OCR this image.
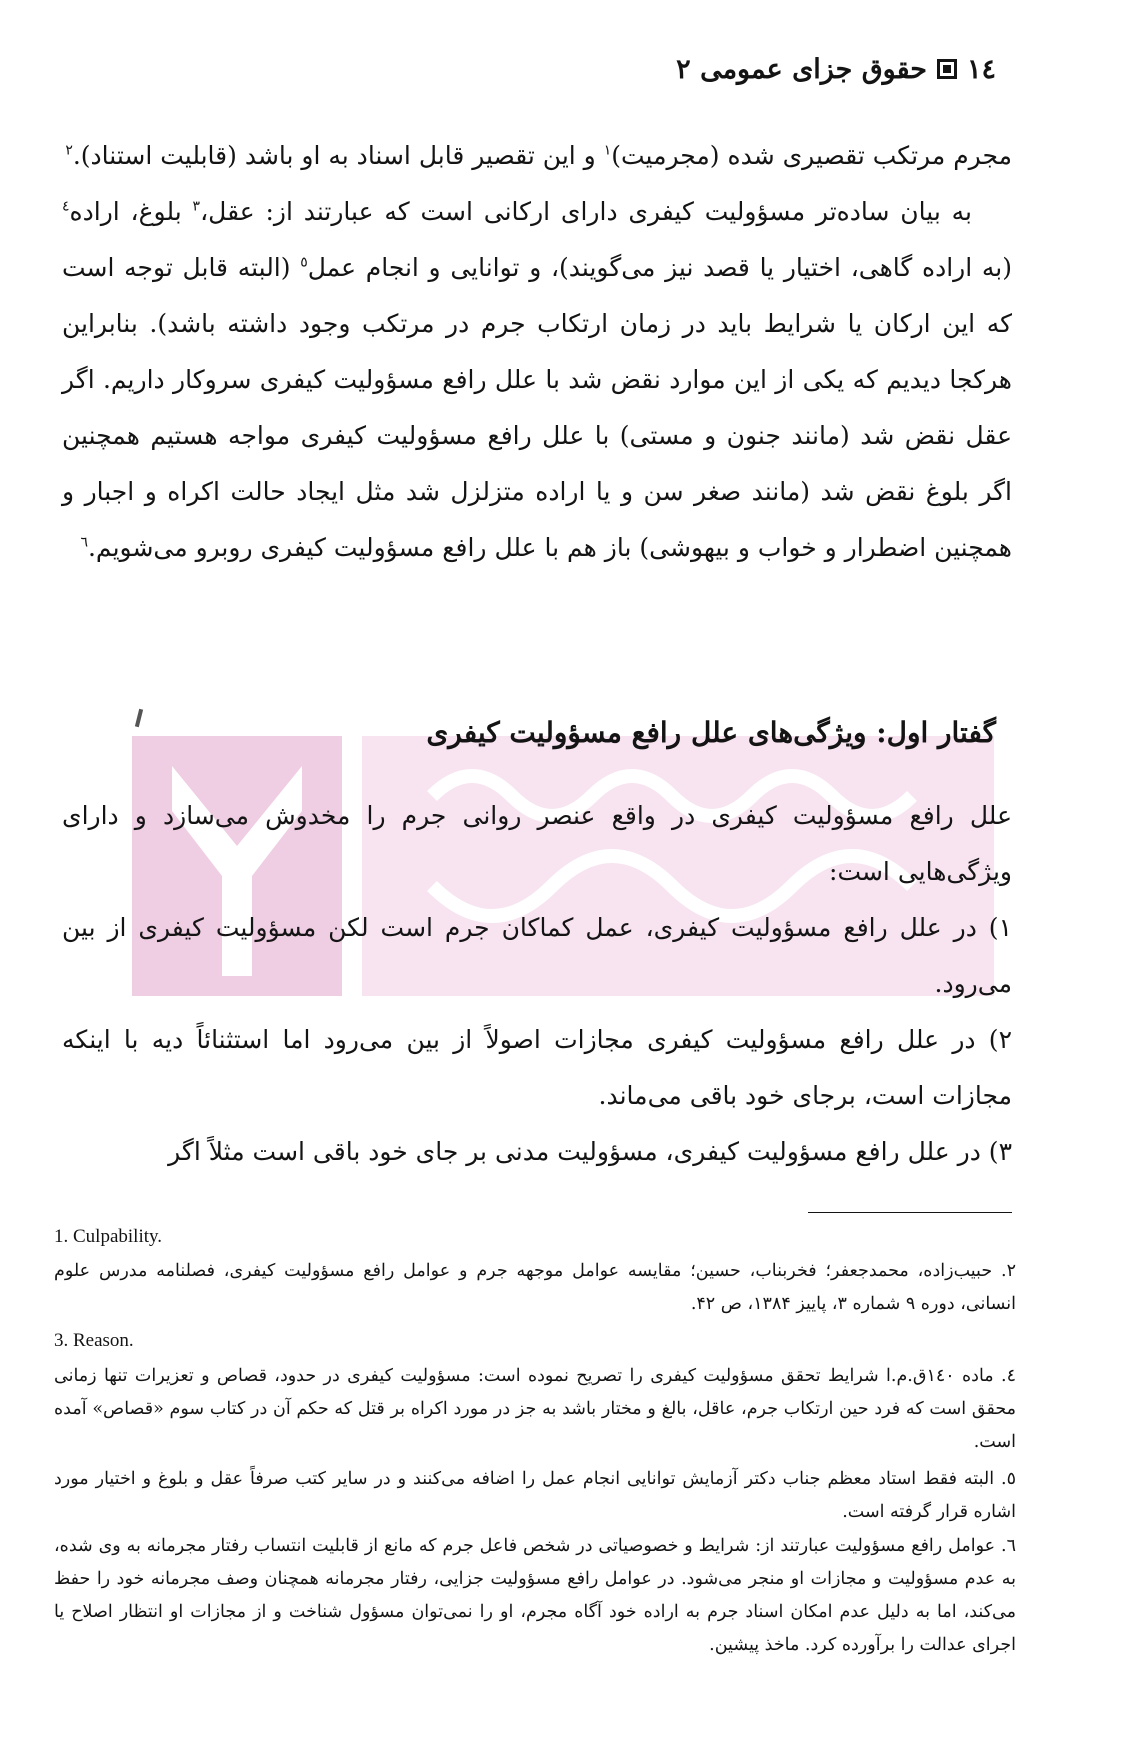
١٤حقوق جزای عمومی ۲

مجرم مرتکب تقصیری شده (مجرمیت)$^١$ و این تقصیر قابل اسناد به او باشد (قابلیت استناد).$^٢$

به بیان ساده‌تر مسؤولیت کیفری دارای ارکانی است که عبارتند از: عقل،$^٣$ بلوغ، اراده$^٤$ (به اراده گاهی، اختیار یا قصد نیز می‌گویند)، و توانایی و انجام عمل$^٥$ (البته قابل توجه است که این ارکان یا شرایط باید در زمان ارتکاب جرم در مرتکب وجود داشته باشد). بنابراین هرکجا دیدیم که یکی از این موارد نقض شد با علل رافع مسؤولیت کیفری سروکار داریم. اگر عقل نقض شد (مانند جنون و مستی) با علل رافع مسؤولیت کیفری مواجه هستیم همچنین اگر بلوغ نقض شد (مانند صغر سن و یا اراده متزلزل شد مثل ایجاد حالت اکراه و اجبار و همچنین اضطرار و خواب و بیهوشی) باز هم با علل رافع مسؤولیت کیفری روبرو می‌شویم.$^٦$

گفتار اول: ویژگی‌های علل رافع مسؤولیت کیفری

علل رافع مسؤولیت کیفری در واقع عنصر روانی جرم را مخدوش می‌سازد و دارای ویژگی‌هایی است:

۱) در علل رافع مسؤولیت کیفری، عمل کماکان جرم است لکن مسؤولیت کیفری از بین می‌رود.

۲) در علل رافع مسؤولیت کیفری مجازات اصولاً از بین می‌رود اما استثنائاً دیه با اینکه مجازات است، برجای خود باقی می‌ماند.

۳) در علل رافع مسؤولیت کیفری، مسؤولیت مدنی بر جای خود باقی است مثلاً اگر

1. Culpability.
۲. حبیب‌زاده، محمدجعفر؛ فخربناب، حسین؛ مقایسه عوامل موجهه جرم و عوامل رافع مسؤولیت کیفری، فصلنامه مدرس علوم انسانی، دوره ۹ شماره ۳، پاییز ۱۳۸۴، ص ۴۲.
3. Reason.
٤. ماده ١٤٠ق.م.ا شرایط تحقق مسؤولیت کیفری را تصریح نموده است: مسؤولیت کیفری در حدود، قصاص و تعزیرات تنها زمانی محقق است که فرد حین ارتکاب جرم، عاقل، بالغ و مختار باشد به جز در مورد اکراه بر قتل که حکم آن در کتاب سوم «قصاص» آمده است.
٥. البته فقط استاد معظم جناب دکتر آزمایش توانایی انجام عمل را اضافه می‌کنند و در سایر کتب صرفاً عقل و بلوغ و اختیار مورد اشاره قرار گرفته است.
٦. عوامل رافع مسؤولیت عبارتند از: شرایط و خصوصیاتی در شخص فاعل جرم که مانع از قابلیت انتساب رفتار مجرمانه به وی شده، به عدم مسؤولیت و مجازات او منجر می‌شود. در عوامل رافع مسؤولیت جزایی، رفتار مجرمانه همچنان وصف مجرمانه خود را حفظ می‌کند، اما به دلیل عدم امکان اسناد جرم به اراده خود آگاه مجرم، او را نمی‌توان مسؤول شناخت و از مجازات او انتظار اصلاح یا اجرای عدالت را برآورده کرد. ماخذ پیشین.
